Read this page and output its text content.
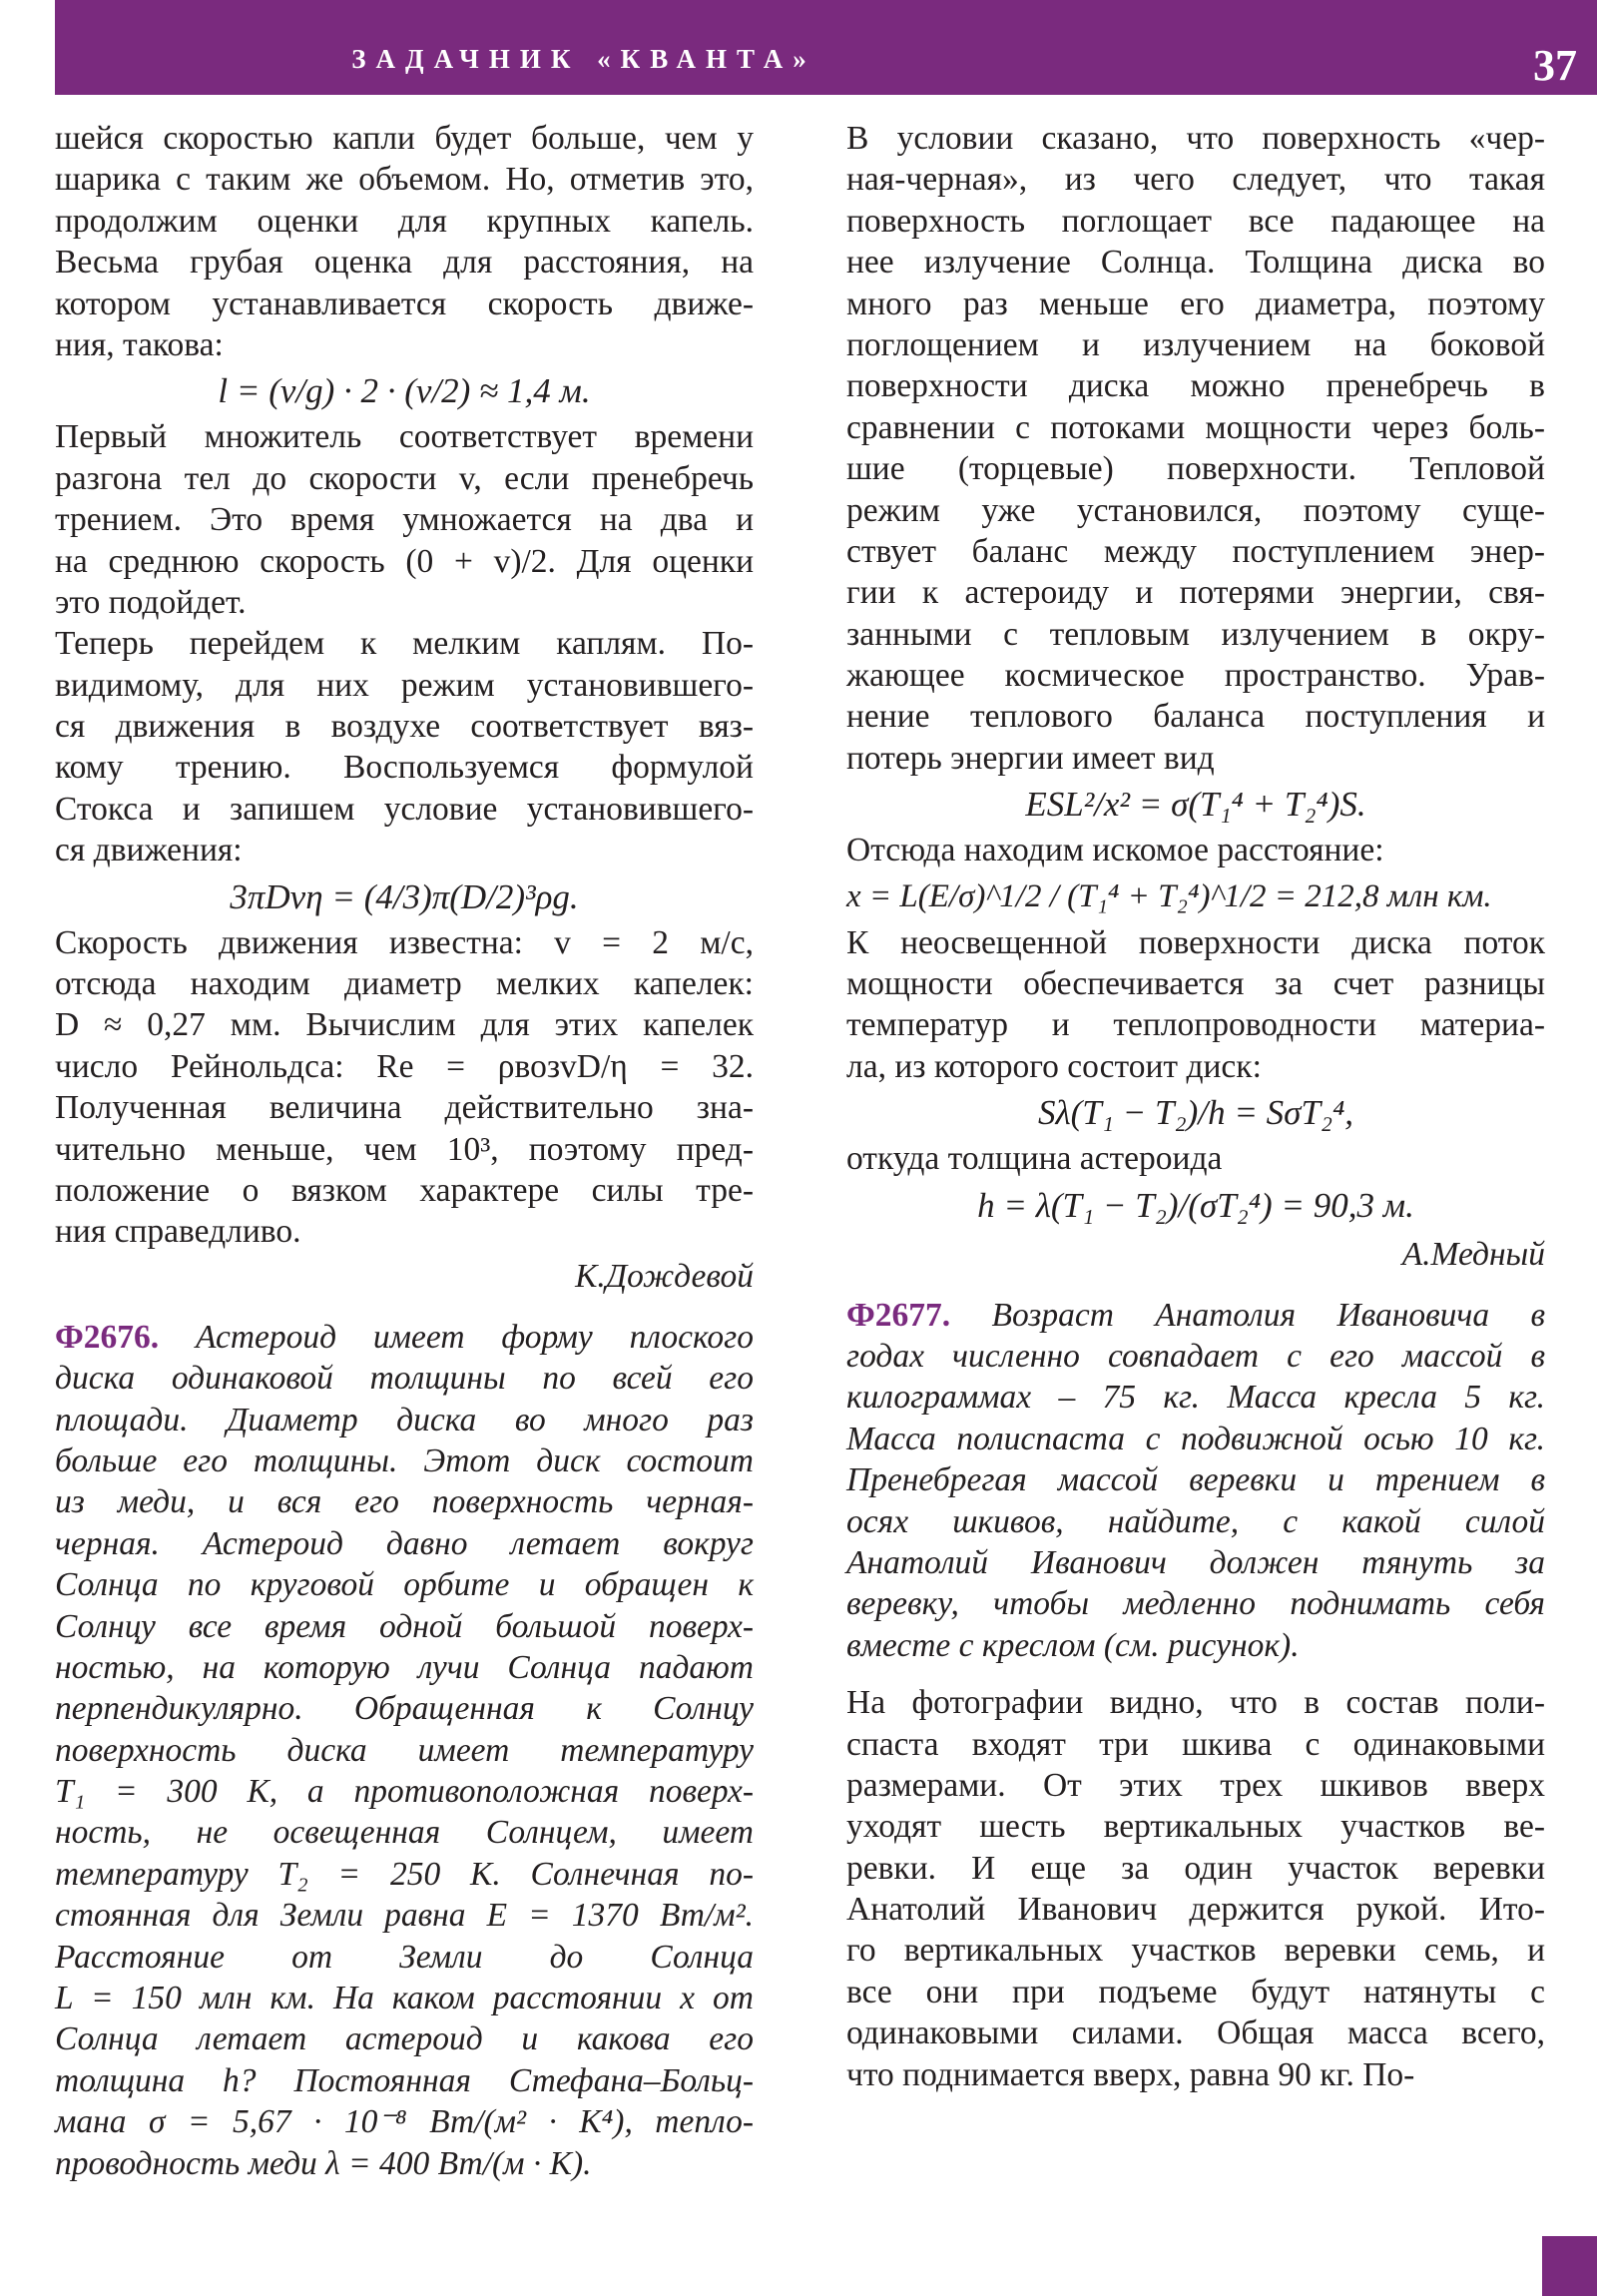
ЗАДАЧНИК «КВАНТА»	37
шейся скоростью капли будет больше, чем у
шарика с таким же объемом. Но, отметив это,
продолжим оценки для крупных капель.
Весьма грубая оценка для расстояния, на
котором устанавливается скорость движе-
ния, такова:
l = (v/g) · 2 · (v/2) ≈ 1,4 м.
Первый множитель соответствует времени
разгона тел до скорости v, если пренебречь
трением. Это время умножается на два и
на среднюю скорость (0 + v)/2. Для оценки
это подойдет.
Теперь перейдем к мелким каплям. По-
видимому, для них режим установившего-
ся движения в воздухе соответствует вяз-
кому трению. Воспользуемся формулой
Стокса и запишем условие установившего-
ся движения:
3πDvη = (4/3)π(D/2)³ρg.
Скорость движения известна: v = 2 м/с,
отсюда находим диаметр мелких капелек:
D ≈ 0,27 мм. Вычислим для этих капелек
число Рейнольдса: Re = ρвозvD/η = 32.
Полученная величина действительно зна-
чительно меньше, чем 10³, поэтому пред-
положение о вязком характере силы тре-
ния справедливо.
К.Дождевой
Ф2676. Астероид имеет форму плоского
диска одинаковой толщины по всей его
площади. Диаметр диска во много раз
больше его толщины. Этот диск состоит
из меди, и вся его поверхность черная-
черная. Астероид давно летает вокруг
Солнца по круговой орбите и обращен к
Солнцу все время одной большой поверх-
ностью, на которую лучи Солнца падают
перпендикулярно. Обращенная к Солнцу
поверхность диска имеет температуру
T₁ = 300 K, а противоположная поверх-
ность, не освещенная Солнцем, имеет
температуру T₂ = 250 K. Солнечная по-
стоянная для Земли равна E = 1370 Вт/м².
Расстояние от Земли до Солнца
L = 150 млн км. На каком расстоянии x от
Солнца летает астероид и какова его
толщина h? Постоянная Стефана–Больц-
мана σ = 5,67 · 10⁻⁸ Вт/(м² · K⁴), тепло-
проводность меди λ = 400 Вт/(м · K).
В условии сказано, что поверхность «чер-
ная-черная», из чего следует, что такая
поверхность поглощает все падающее на
нее излучение Солнца. Толщина диска во
много раз меньше его диаметра, поэтому
поглощением и излучением на боковой
поверхности диска можно пренебречь в
сравнении с потоками мощности через боль-
шие (торцевые) поверхности. Тепловой
режим уже установился, поэтому суще-
ствует баланс между поступлением энер-
гии к астероиду и потерями энергии, свя-
занными с тепловым излучением в окру-
жающее космическое пространство. Урав-
нение теплового баланса поступления и
потерь энергии имеет вид
ESL²/x² = σ(T₁⁴ + T₂⁴)S.
Отсюда находим искомое расстояние:
x = L(E/σ)^1/2 / (T₁⁴ + T₂⁴)^1/2 = 212,8 млн км.
К неосвещенной поверхности диска поток
мощности обеспечивается за счет разницы
температур и теплопроводности материа-
ла, из которого состоит диск:
Sλ(T₁ − T₂)/h = SσT₂⁴,
откуда толщина астероида
h = λ(T₁ − T₂)/(σT₂⁴) = 90,3 м.
А.Медный
Ф2677. Возраст Анатолия Ивановича в
годах численно совпадает с его массой в
килограммах – 75 кг. Масса кресла 5 кг.
Масса полиспаста с подвижной осью 10 кг.
Пренебрегая массой веревки и трением в
осях шкивов, найдите, с какой силой
Анатолий Иванович должен тянуть за
веревку, чтобы медленно поднимать себя
вместе с креслом (см. рисунок).
На фотографии видно, что в состав поли-
спаста входят три шкива с одинаковыми
размерами. От этих трех шкивов вверх
уходят шесть вертикальных участков ве-
ревки. И еще за один участок веревки
Анатолий Иванович держится рукой. Ито-
го вертикальных участков веревки семь, и
все они при подъеме будут натянуты с
одинаковыми силами. Общая масса всего,
что поднимается вверх, равна 90 кг. По-
